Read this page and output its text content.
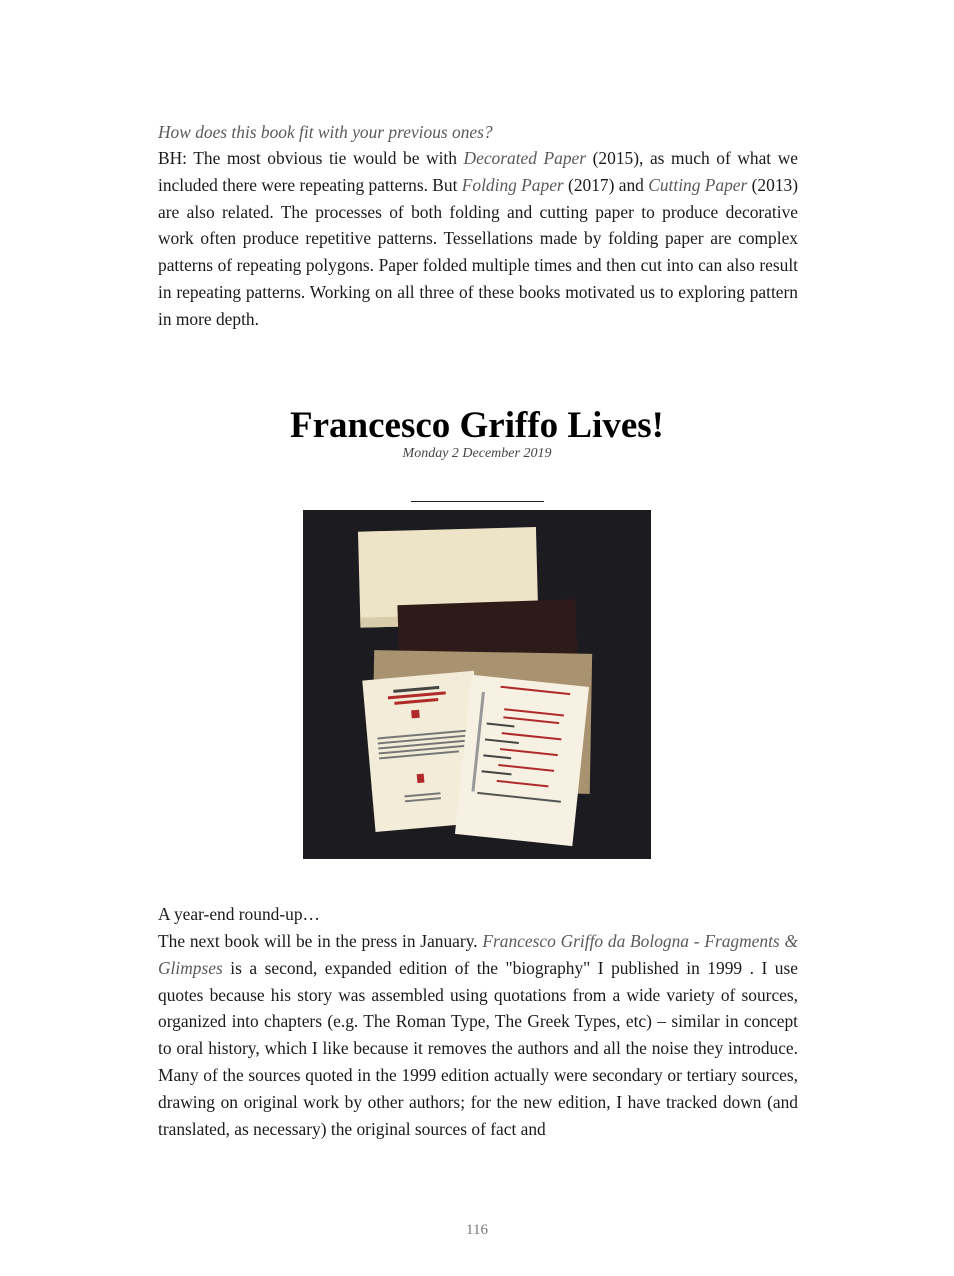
How does this book fit with your previous ones?

BH: The most obvious tie would be with Decorated Paper (2015), as much of what we included there were repeating patterns. But Folding Paper (2017) and Cutting Paper (2013) are also related. The processes of both folding and cutting paper to produce decorative work often produce repetitive patterns. Tessellations made by folding paper are complex patterns of repeating polygons. Paper folded multiple times and then cut into can also result in repeating patterns. Working on all three of these books motivated us to exploring pattern in more depth.

Francesco Griffo Lives!
Monday 2 December 2019

A year-end round-up…

The next book will be in the press in January. Francesco Griffo da Bologna - Fragments & Glimpses is a second, expanded edition of the "biography" I published in 1999 . I use quotes because his story was assembled using quotations from a wide variety of sources, organized into chapters (e.g. The Roman Type, The Greek Types, etc) – similar in concept to oral history, which I like because it removes the authors and all the noise they introduce. Many of the sources quoted in the 1999 edition actually were secondary or tertiary sources, drawing on original work by other authors; for the new edition, I have tracked down (and translated, as necessary) the original sources of fact and

116
